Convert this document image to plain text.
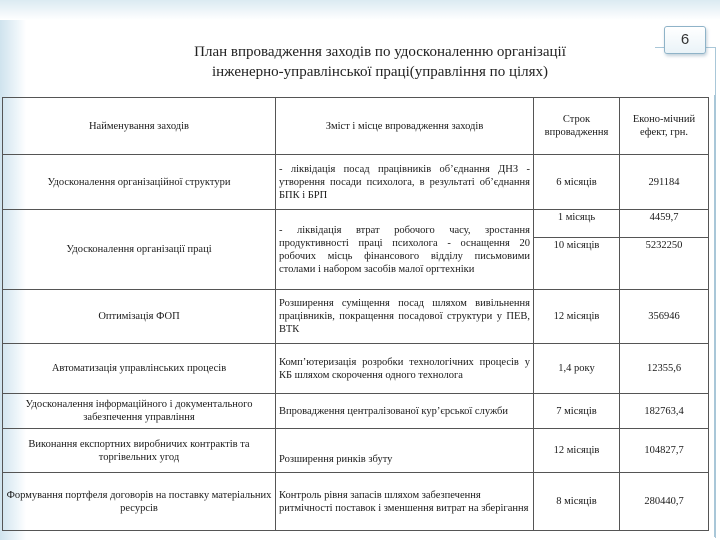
6
План впровадження заходів по удосконаленню організації
інженерно-управлінської праці(управління по цілях)
Найменування заходів	Зміст і місце впровадження заходів	Строк впровадження	Еконо-мічний ефект, грн.
Удосконалення організаційної структури	- ліквідація посад працівників об’єднання ДНЗ - утворення посади психолога, в результаті об’єднання БПК і БРП	6 місяців	291184
Удосконалення організації праці	- ліквідація втрат робочого часу, зростання продуктивності праці психолога - оснащення 20 робочих місць фінансового відділу письмовими столами і набором засобів малої оргтехніки	1 місяць	4459,7
		10 місяців	5232250
Оптимізація ФОП	Розширення суміщення посад шляхом вивільнення працівників, покращення посадової структури у ПЕВ, ВТК	12 місяців	356946
Автоматизація управлінських процесів	Комп’ютеризація розробки технологічних процесів у КБ шляхом скорочення одного технолога	1,4 року	12355,6
Удосконалення інформаційного і документального забезпечення управління	Впровадження централізованої кур’єрської служби	7 місяців	182763,4
Виконання експортних виробничих контрактів та торгівельних угод	Розширення ринків збуту	12 місяців	104827,7
Формування портфеля договорів на поставку матеріальних ресурсів	Контроль рівня запасів шляхом забезпечення ритмічності поставок і зменшення витрат на зберігання	8 місяців	280440,7
